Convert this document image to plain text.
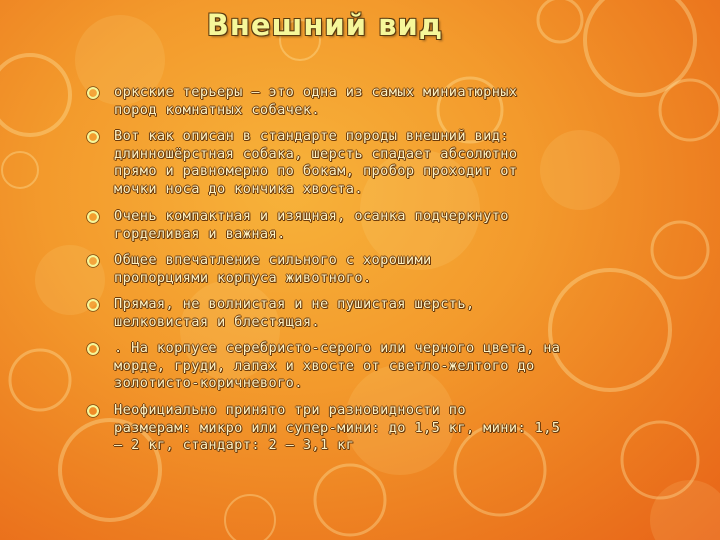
Внешний вид
оркские терьеры – это одна из самых миниатюрных
пород комнатных собачек.
Вот как описан в стандарте породы внешний вид:
длинношёрстная собака, шерсть спадает абсолютно
прямо и равномерно по бокам, пробор проходит от
мочки носа до кончика хвоста.
Очень компактная и изящная, осанка подчеркнуто
горделивая и важная.
Общее впечатление сильного с хорошими
пропорциями корпуса животного.
Прямая, не волнистая и не пушистая шерсть,
шелковистая и блестящая.
. На корпусе серебристо-серого или черного цвета, на
морде, груди, лапах и хвосте от светло-желтого до
золотисто-коричневого.
Неофициально принято три разновидности по
размерам: микро или супер-мини: до 1,5 кг, мини: 1,5
— 2 кг, стандарт: 2 — 3,1 кг
